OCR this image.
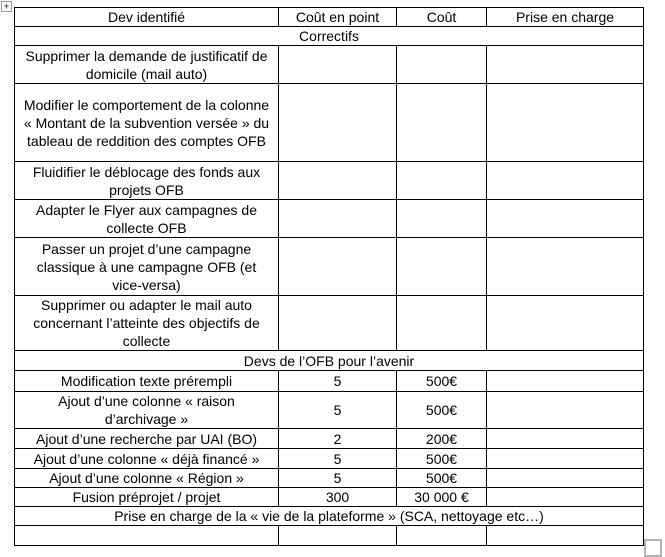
+
Dev identifié	Coût en point	Coût	Prise en charge
Correctifs			
Supprimer la demande de justificatif de domicile (mail auto)			
Modifier le comportement de la colonne « Montant de la subvention versée » du tableau de reddition des comptes OFB			
Fluidifier le déblocage des fonds aux projets OFB			
Adapter le Flyer aux campagnes de collecte OFB			
Passer un projet d’une campagne classique à une campagne OFB (et vice-versa)			
Supprimer ou adapter le mail auto concernant l’atteinte des objectifs de collecte			
Devs de l’OFB pour l’avenir			
Modification texte prérempli	5	500€	
Ajout d’une colonne « raison d’archivage »	5	500€	
Ajout d’une recherche par UAI (BO)	2	200€	
Ajout d’une colonne « déjà financé »	5	500€	
Ajout d’une colonne « Région »	5	500€	
Fusion préprojet / projet	300	30 000 €	
Prise en charge de la « vie de la plateforme » (SCA, nettoyage etc…)			
